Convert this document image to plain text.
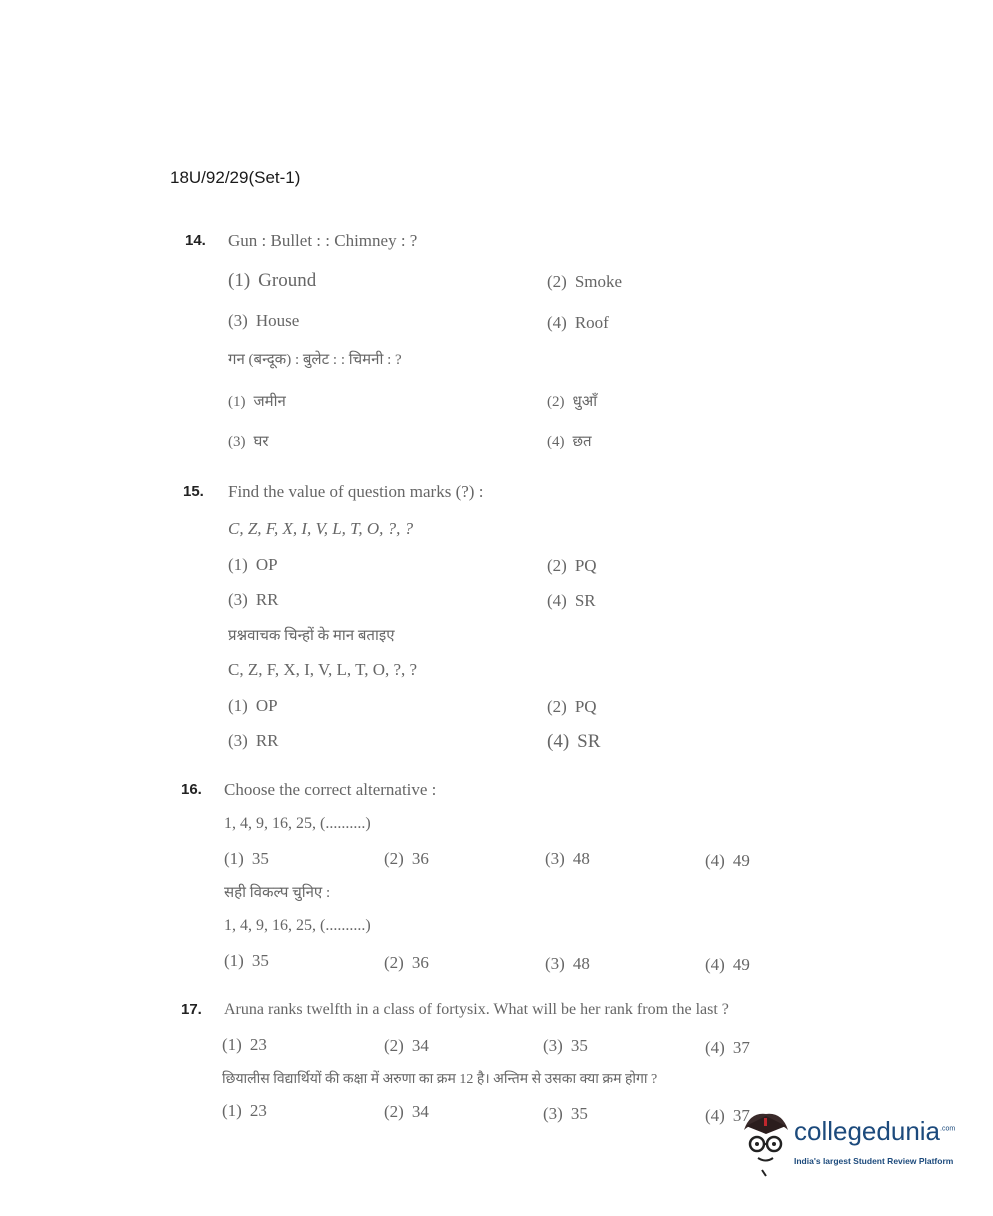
18U/92/29(Set-1)
14. Gun : Bullet : : Chimney : ?
(1) Ground	(2) Smoke
(3) House	(4) Roof
गन (बन्दूक) : बुलेट : : चिमनी : ?
(1) जमीन	(2) धुआँ
(3) घर	(4) छत
15. Find the value of question marks (?) :
C, Z, F, X, I, V, L, T, O, ?, ?
(1) OP	(2) PQ
(3) RR	(4) SR
प्रश्नवाचक चिन्हों के मान बताइए
C, Z, F, X, I, V, L, T, O, ?, ?
(1) OP	(2) PQ
(3) RR	(4) SR
16. Choose the correct alternative :
1, 4, 9, 16, 25, (..........)
(1) 35	(2) 36	(3) 48	(4) 49
सही विकल्प चुनिए :
1, 4, 9, 16, 25, (..........)
(1) 35	(2) 36	(3) 48	(4) 49
17. Aruna ranks twelfth in a class of fortysix. What will be her rank from the last ?
(1) 23	(2) 34	(3) 35	(4) 37
छियालीस विद्यार्थियों की कक्षा में अरुणा का क्रम 12 है। अन्तिम से उसका क्या क्रम होगा ?
(1) 23	(2) 34	(3) 35	(4) 37
collegedunia$^{.com}$
India's largest Student Review Platform
